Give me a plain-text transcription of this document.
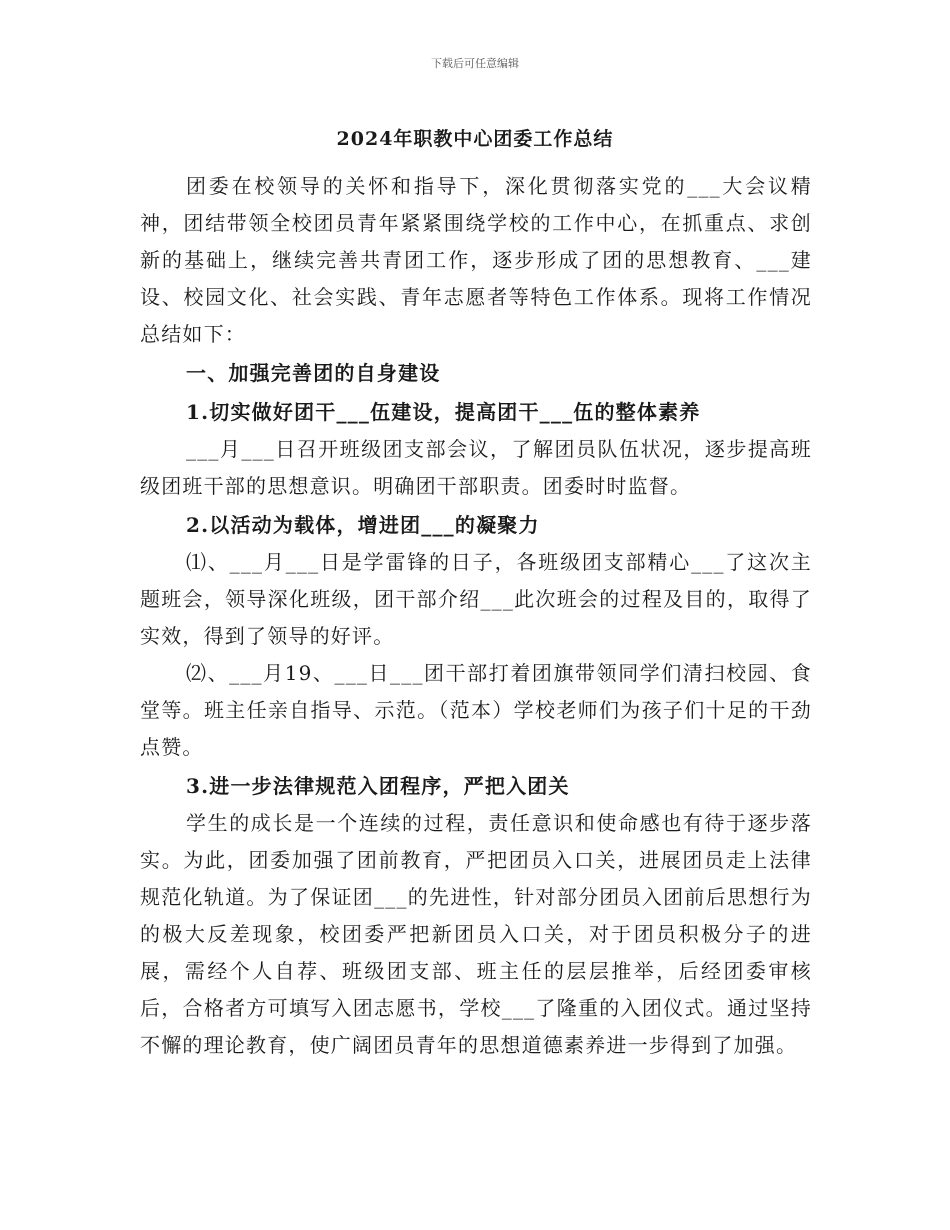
下载后可任意编辑
2024年职教中心团委工作总结

团委在校领导的关怀和指导下，深化贯彻落实党的___大会议精神，团结带领全校团员青年紧紧围绕学校的工作中心，在抓重点、求创新的基础上，继续完善共青团工作，逐步形成了团的思想教育、___建设、校园文化、社会实践、青年志愿者等特色工作体系。现将工作情况总结如下：

一、加强完善团的自身建设

1.切实做好团干___伍建设，提高团干___伍的整体素养

___月___日召开班级团支部会议，了解团员队伍状况，逐步提高班级团班干部的思想意识。明确团干部职责。团委时时监督。

2.以活动为载体，增进团___的凝聚力

⑴、___月___日是学雷锋的日子，各班级团支部精心___了这次主题班会，领导深化班级，团干部介绍___此次班会的过程及目的，取得了实效，得到了领导的好评。

⑵、___月19、___日___团干部打着团旗带领同学们清扫校园、食堂等。班主任亲自指导、示范。（范本）学校老师们为孩子们十足的干劲点赞。

3.进一步法律规范入团程序，严把入团关

学生的成长是一个连续的过程，责任意识和使命感也有待于逐步落实。为此，团委加强了团前教育，严把团员入口关，进展团员走上法律规范化轨道。为了保证团___的先进性，针对部分团员入团前后思想行为的极大反差现象，校团委严把新团员入口关，对于团员积极分子的进展，需经个人自荐、班级团支部、班主任的层层推举，后经团委审核后，合格者方可填写入团志愿书，学校___了隆重的入团仪式。通过坚持不懈的理论教育，使广阔团员青年的思想道德素养进一步得到了加强。
